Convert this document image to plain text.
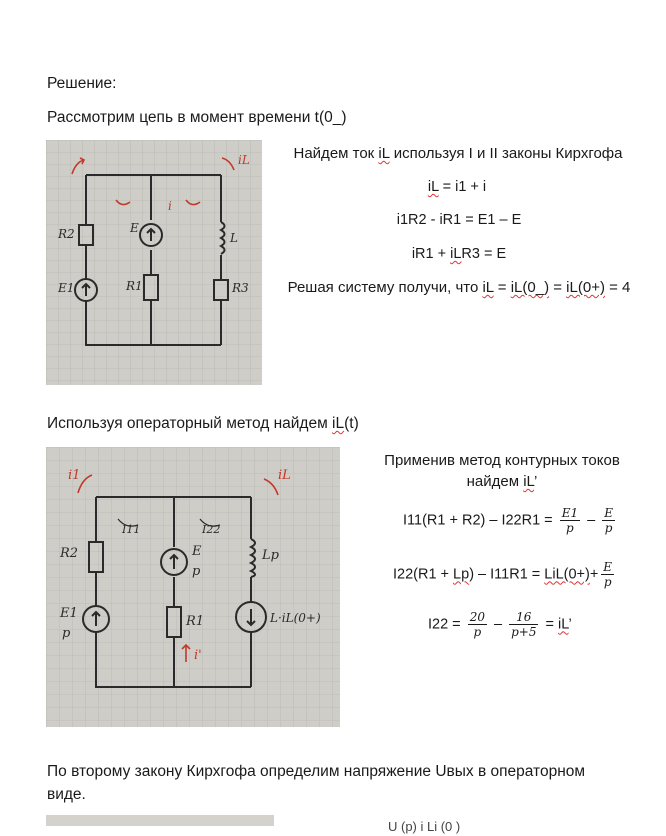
Решение:
Рассмотрим цепь в момент времени t(0_)
R2	E
L
E1	R1	R3
i
iL	Найдем ток iL используя I и II законы Кирхгофа
iL = i1 + i
i1R2 - iR1 = E1 – E
iR1 + iLR3 = E
Решая систему получи, что iL = iL(0_) = iL(0+) = 4
Используя операторный метод найдем iL(t)
R2	E
p
Lp
E1
p
R1	L·iL(0+)
I11	I22
i1	iL
i'
Применив метод контурных токов
найдем iL’
$I11(R1 + R2) - I22R1 = \frac{E1}{p} - \frac{E}{p}$
$I22(R1 + Lp) - I11R1 = LiL(0+)+ \frac{E}{p}$
$I22 = \frac{20}{p} - \frac{16}{p+5}$ = iL’
По второму закону Кирхгофа определим напряжение Uвых в операторном
виде.
U (p) i Li (0 )
